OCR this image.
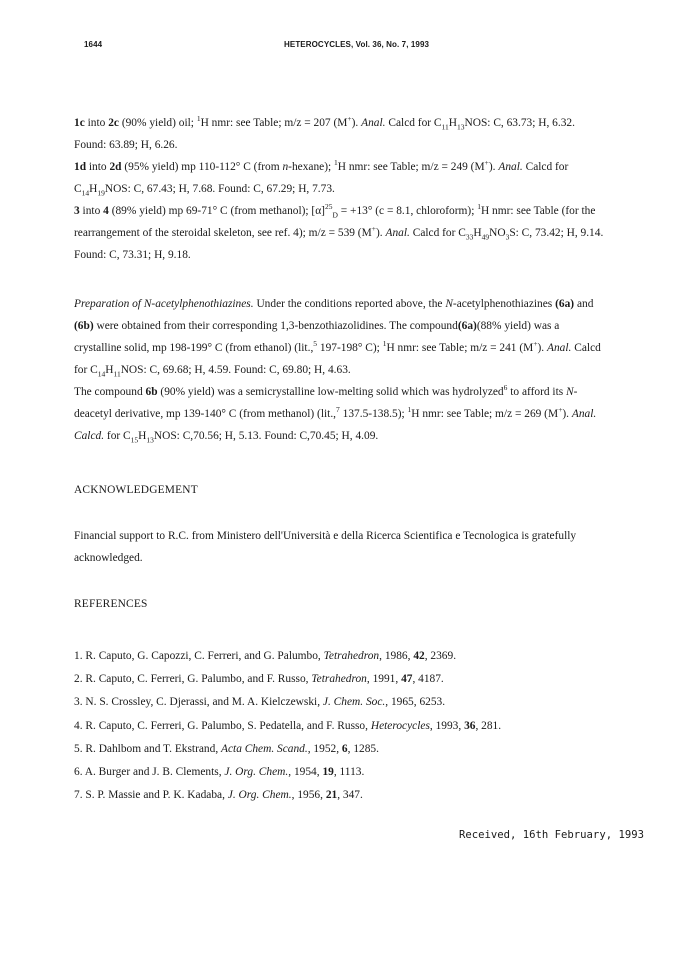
1644	HETEROCYCLES, Vol. 36, No. 7, 1993

1c into 2c (90% yield) oil; $^1$H nmr: see Table; m/z = 207 (M+). Anal. Calcd for $C_{11}H_{13}NOS$: C, 63.73; H, 6.32. Found: 63.89; H, 6.26.

1d into 2d (95% yield) mp 110-112° C (from n-hexane); $^1$H nmr: see Table; m/z = 249 (M+). Anal. Calcd for $C_{14}H_{19}NOS$: C, 67.43; H, 7.68. Found: C, 67.29; H, 7.73.

3 into 4 (89% yield) mp 69-71° C (from methanol); $[\alpha]^{25}_D = +13^\circ$ (c = 8.1, chloroform); $^1$H nmr: see Table (for the rearrangement of the steroidal skeleton, see ref. 4); m/z = 539 (M+). Anal. Calcd for $C_{33}H_{49}NO_3S$: C, 73.42; H, 9.14. Found: C, 73.31; H, 9.18.

Preparation of N-acetylphenothiazines. Under the conditions reported above, the N-acetylphenothiazines (6a) and (6b) were obtained from their corresponding 1,3-benzothiazolidines. The compound(6a)(88% yield) was a crystalline solid, mp 198-199° C (from ethanol) (lit.,$^5$ 197-198° C); $^1$H nmr: see Table; m/z = 241 (M+). Anal. Calcd for $C_{14}H_{11}NOS$: C, 69.68; H, 4.59. Found: C, 69.80; H, 4.63.

The compound 6b (90% yield) was a semicrystalline low-melting solid which was hydrolyzed$^6$ to afford its N-deacetyl derivative, mp 139-140° C (from methanol) (lit.,$^7$ 137.5-138.5); $^1$H nmr: see Table; m/z = 269 (M+). Anal. Calcd. for $C_{15}H_{13}NOS$: C,70.56; H, 5.13. Found: C,70.45; H, 4.09.

ACKNOWLEDGEMENT
Financial support to R.C. from Ministero dell'Università e della Ricerca Scientifica e Tecnologica is gratefully acknowledged.
REFERENCES
1. R. Caputo, G. Capozzi, C. Ferreri, and G. Palumbo, Tetrahedron, 1986, 42, 2369.
2. R. Caputo, C. Ferreri, G. Palumbo, and F. Russo, Tetrahedron, 1991, 47, 4187.
3. N. S. Crossley, C. Djerassi, and M. A. Kielczewski, J. Chem. Soc., 1965, 6253.
4. R. Caputo, C. Ferreri, G. Palumbo, S. Pedatella, and F. Russo, Heterocycles, 1993, 36, 281.
5. R. Dahlbom and T. Ekstrand, Acta Chem. Scand., 1952, 6, 1285.
6. A. Burger and J. B. Clements, J. Org. Chem., 1954, 19, 1113.
7. S. P. Massie and P. K. Kadaba, J. Org. Chem., 1956, 21, 347.
Received, 16th February, 1993
